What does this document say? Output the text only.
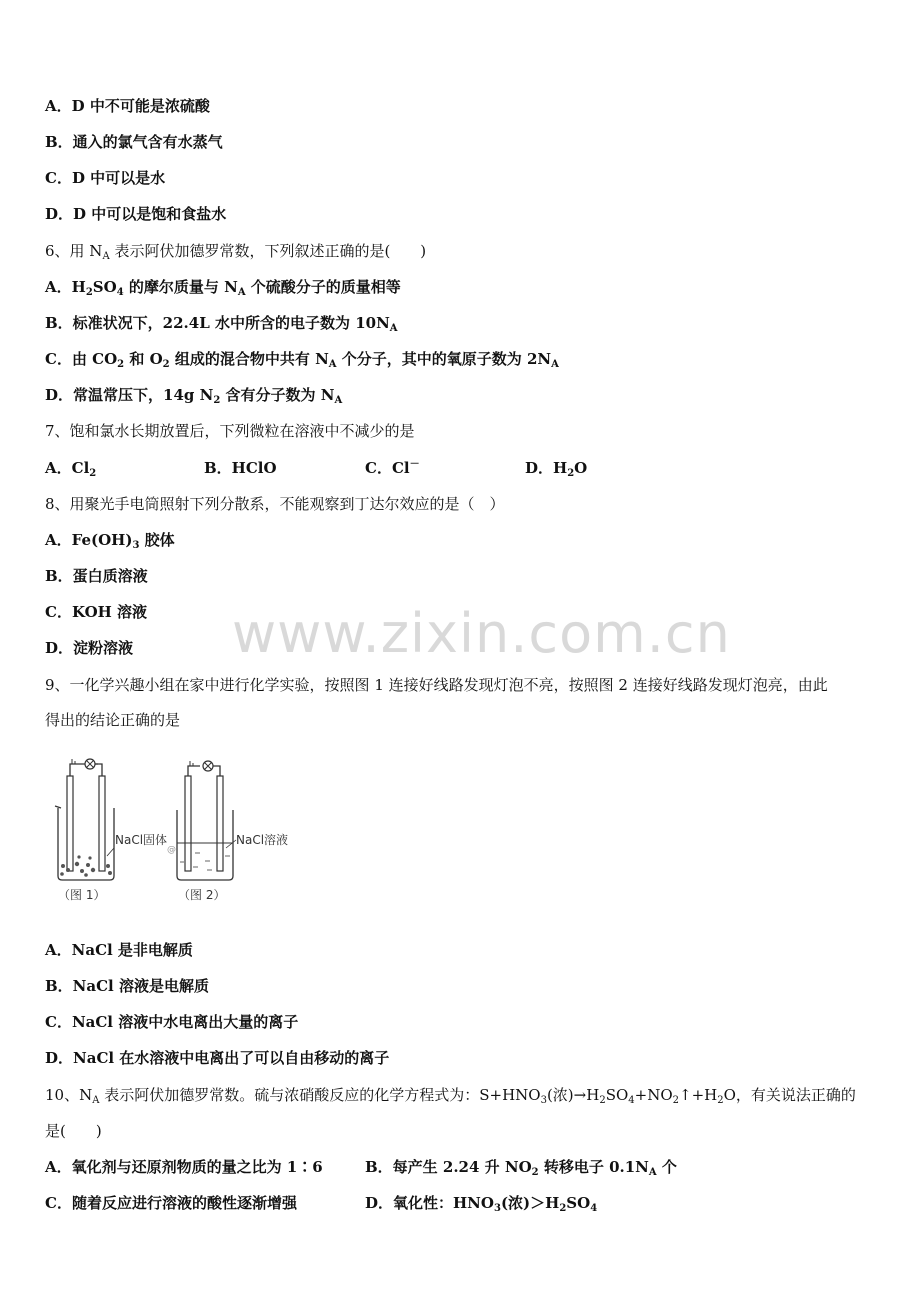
www.zixin.com.cn
A．D 中不可能是浓硫酸
B．通入的氯气含有水蒸气
C．D 中可以是水
D．D 中可以是饱和食盐水
6、用 $N_A$ 表示阿伏加德罗常数，下列叙述正确的是(　　)
A．$H_2SO_4$ 的摩尔质量与 $N_A$ 个硫酸分子的质量相等
B．标准状况下，22.4L 水中所含的电子数为 $10N_A$
C．由 $CO_2$ 和 $O_2$ 组成的混合物中共有 $N_A$ 个分子，其中的氧原子数为 $2N_A$
D．常温常压下，14g $N_2$ 含有分子数为 $N_A$
7、饱和氯水长期放置后，下列微粒在溶液中不减少的是
A．$Cl_2$	B．HClO	C．Cl－	D．$H_2O$
8、用聚光手电筒照射下列分散系，不能观察到丁达尔效应的是（　）
A．$Fe(OH)_3$ 胶体
B．蛋白质溶液
C．KOH 溶液
D．淀粉溶液
9、一化学兴趣小组在家中进行化学实验，按照图 1 连接好线路发现灯泡不亮，按照图 2 连接好线路发现灯泡亮，由此
得出的结论正确的是
NaCl固体
（图 1）
@
NaCl溶液
（图 2）
A．NaCl 是非电解质
B．NaCl 溶液是电解质
C．NaCl 溶液中水电离出大量的离子
D．NaCl 在水溶液中电离出了可以自由移动的离子
10、$N_A$ 表示阿伏加德罗常数。硫与浓硝酸反应的化学方程式为：$S+HNO_3$(浓)$\to H_2SO_4+NO_2↑+H_2O$，有关说法正确的
是(　　)
A．氧化剂与还原剂物质的量之比为 1∶6	B．每产生 2.24 升 $NO_2$ 转移电子 $0.1N_A$ 个
C．随着反应进行溶液的酸性逐渐增强	D．氧化性：$HNO_3$(浓)$>H_2SO_4$
